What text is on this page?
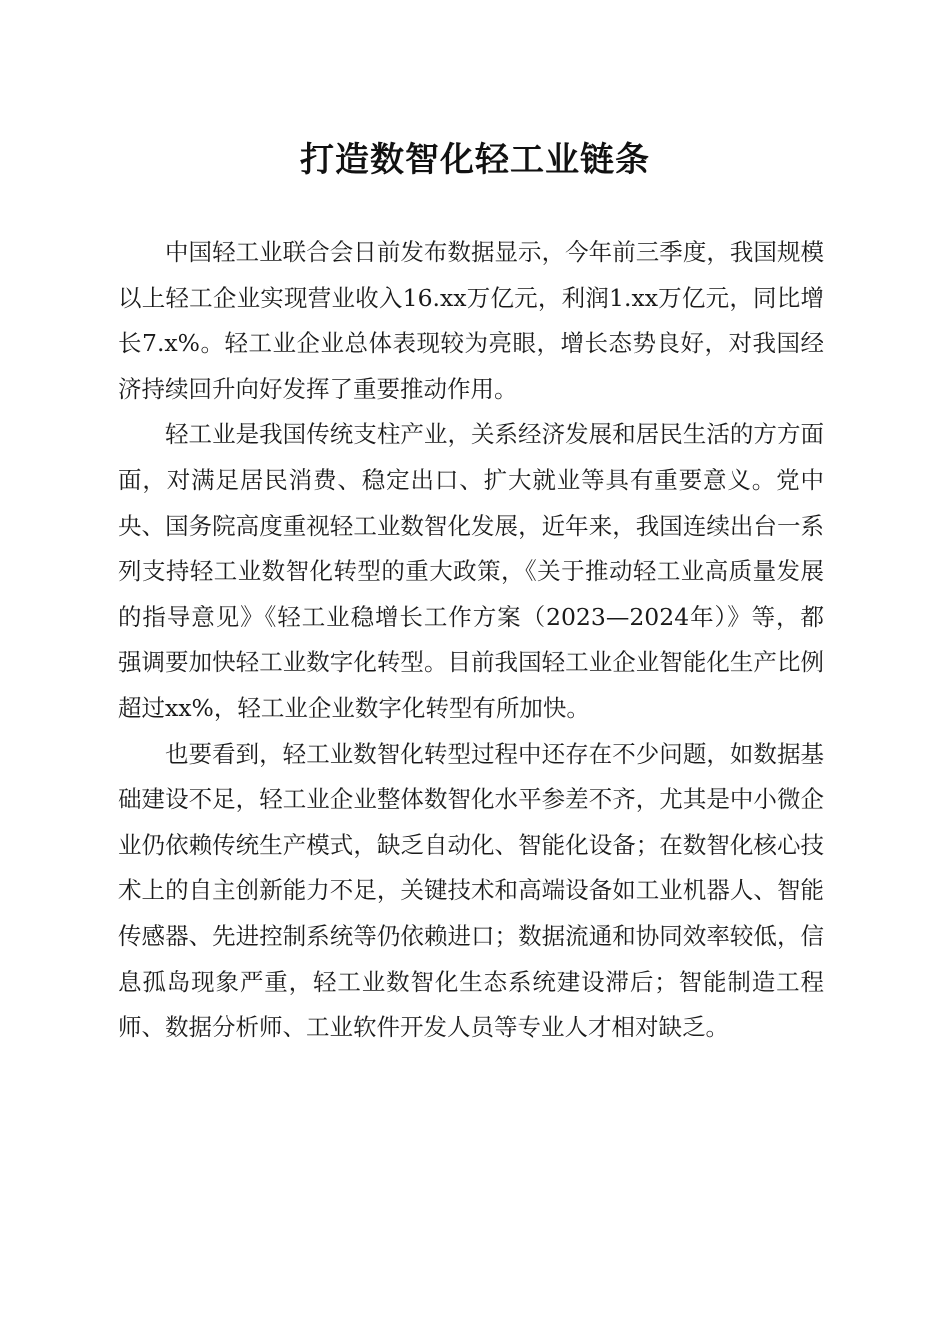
打造数智化轻工业链条

中国轻工业联合会日前发布数据显示，今年前三季度，我国规模以上轻工企业实现营业收入16.xx万亿元，利润1.xx万亿元，同比增长7.x%。轻工业企业总体表现较为亮眼，增长态势良好，对我国经济持续回升向好发挥了重要推动作用。

轻工业是我国传统支柱产业，关系经济发展和居民生活的方方面面，对满足居民消费、稳定出口、扩大就业等具有重要意义。党中央、国务院高度重视轻工业数智化发展，近年来，我国连续出台一系列支持轻工业数智化转型的重大政策，《关于推动轻工业高质量发展的指导意见》《轻工业稳增长工作方案（2023—2024年）》等，都强调要加快轻工业数字化转型。目前我国轻工业企业智能化生产比例超过xx%，轻工业企业数字化转型有所加快。

也要看到，轻工业数智化转型过程中还存在不少问题，如数据基础建设不足，轻工业企业整体数智化水平参差不齐，尤其是中小微企业仍依赖传统生产模式，缺乏自动化、智能化设备；在数智化核心技术上的自主创新能力不足，关键技术和高端设备如工业机器人、智能传感器、先进控制系统等仍依赖进口；数据流通和协同效率较低，信息孤岛现象严重，轻工业数智化生态系统建设滞后；智能制造工程师、数据分析师、工业软件开发人员等专业人才相对缺乏。
